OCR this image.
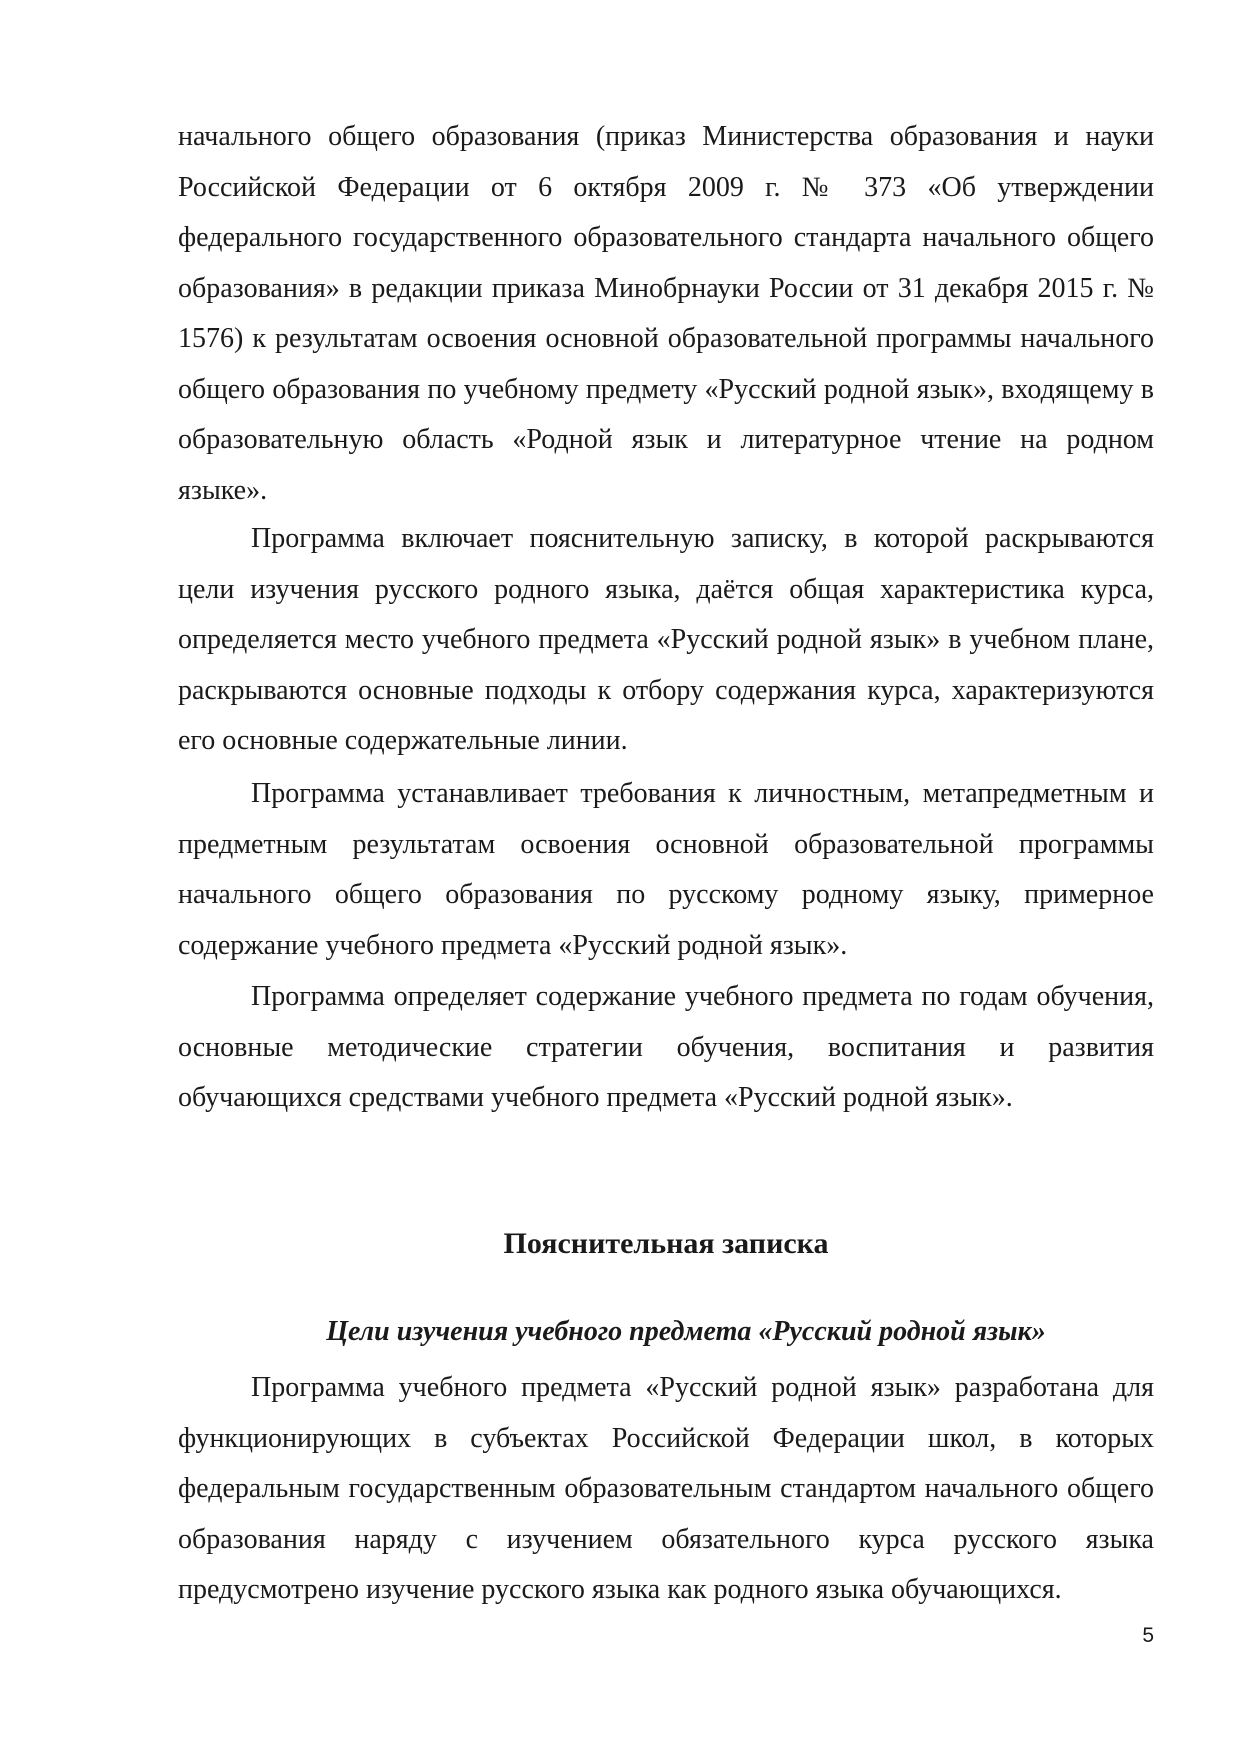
начального общего образования (приказ Министерства образования и науки Российской Федерации от 6 октября 2009 г. № 373 «Об утверждении федерального государственного образовательного стандарта начального общего образования» в редакции приказа Минобрнауки России от 31 декабря 2015 г. № 1576) к результатам освоения основной образовательной программы начального общего образования по учебному предмету «Русский родной язык», входящему в образовательную область «Родной язык и литературное чтение на родном языке».

Программа включает пояснительную записку, в которой раскрываются цели изучения русского родного языка, даётся общая характеристика курса, определяется место учебного предмета «Русский родной язык» в учебном плане, раскрываются основные подходы к отбору содержания курса, характеризуются его основные содержательные линии.

Программа устанавливает требования к личностным, метапредметным и предметным результатам освоения основной образовательной программы начального общего образования по русскому родному языку, примерное содержание учебного предмета «Русский родной язык».

Программа определяет содержание учебного предмета по годам обучения, основные методические стратегии обучения, воспитания и развития обучающихся средствами учебного предмета «Русский родной язык».

Пояснительная записка
Цели изучения учебного предмета «Русский родной язык»

Программа учебного предмета «Русский родной язык» разработана для функционирующих в субъектах Российской Федерации школ, в которых федеральным государственным образовательным стандартом начального общего образования наряду с изучением обязательного курса русского языка предусмотрено изучение русского языка как родного языка обучающихся.

5
